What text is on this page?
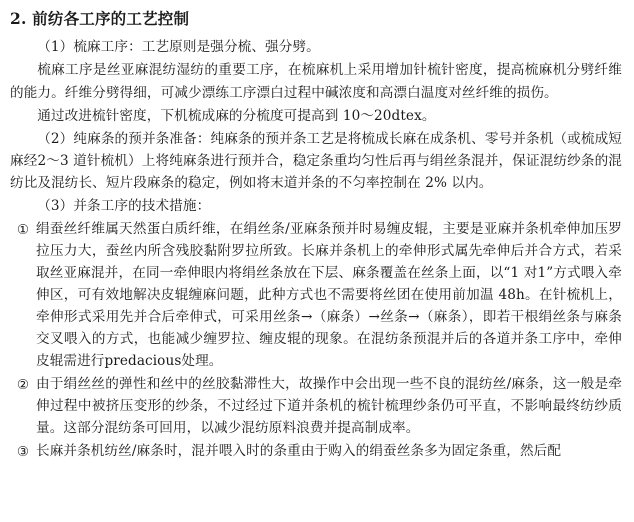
2. 前纺各工序的工艺控制

（1）梳麻工序：工艺原则是强分梳、强分劈。

梳麻工序是丝亚麻混纺湿纺的重要工序，在梳麻机上采用增加针梳针密度，提高梳麻机分劈纤维的能力。纤维分劈得细，可减少漂练工序漂白过程中碱浓度和高漂白温度对丝纤维的损伤。

通过改进梳针密度，下机梳成麻的分梳度可提高到 10～20dtex。

（2）纯麻条的预并条准备：纯麻条的预并条工艺是将梳成长麻在成条机、零号并条机（或梳成短麻经2～3 道针梳机）上将纯麻条进行预并合，稳定条重均匀性后再与绢丝条混并，保证混纺纱条的混纺比及混纺长、短片段麻条的稳定，例如将末道并条的不匀率控制在 2% 以内。

（3）并条工序的技术措施：

① 绢蚕丝纤维属天然蛋白质纤维，在绢丝条/亚麻条预并时易缠皮辊，主要是亚麻并条机牵伸加压罗拉压力大，蚕丝内所含残胶黏附罗拉所致。长麻并条机上的牵伸形式属先牵伸后并合方式，若采取丝亚麻混并，在同一牵伸眼内将绢丝条放在下层、麻条覆盖在丝条上面，以“1 对1”方式喂入牵伸区，可有效地解决皮辊缠麻问题，此种方式也不需要将丝团在使用前加温 48h。在针梳机上，牵伸形式采用先并合后牵伸式，可采用丝条→（麻条）→丝条→（麻条），即若干根绢丝条与麻条交叉喂入的方式，也能减少缠罗拉、缠皮辊的现象。在混纺条预混并后的各道并条工序中，牵伸皮辊需进行predacious处理。

② 由于绢丝丝的弹性和丝中的丝胶黏滞性大，故操作中会出现一些不良的混纺丝/麻条，这一般是牵伸过程中被挤压变形的纱条，不过经过下道并条机的梳针梳理纱条仍可平直，不影响最终纺纱质量。这部分混纺条可回用，以减少混纺原料浪费并提高制成率。

③ 长麻并条机纺丝/麻条时，混并喂入时的条重由于购入的绢蚕丝条多为固定条重，然后配
